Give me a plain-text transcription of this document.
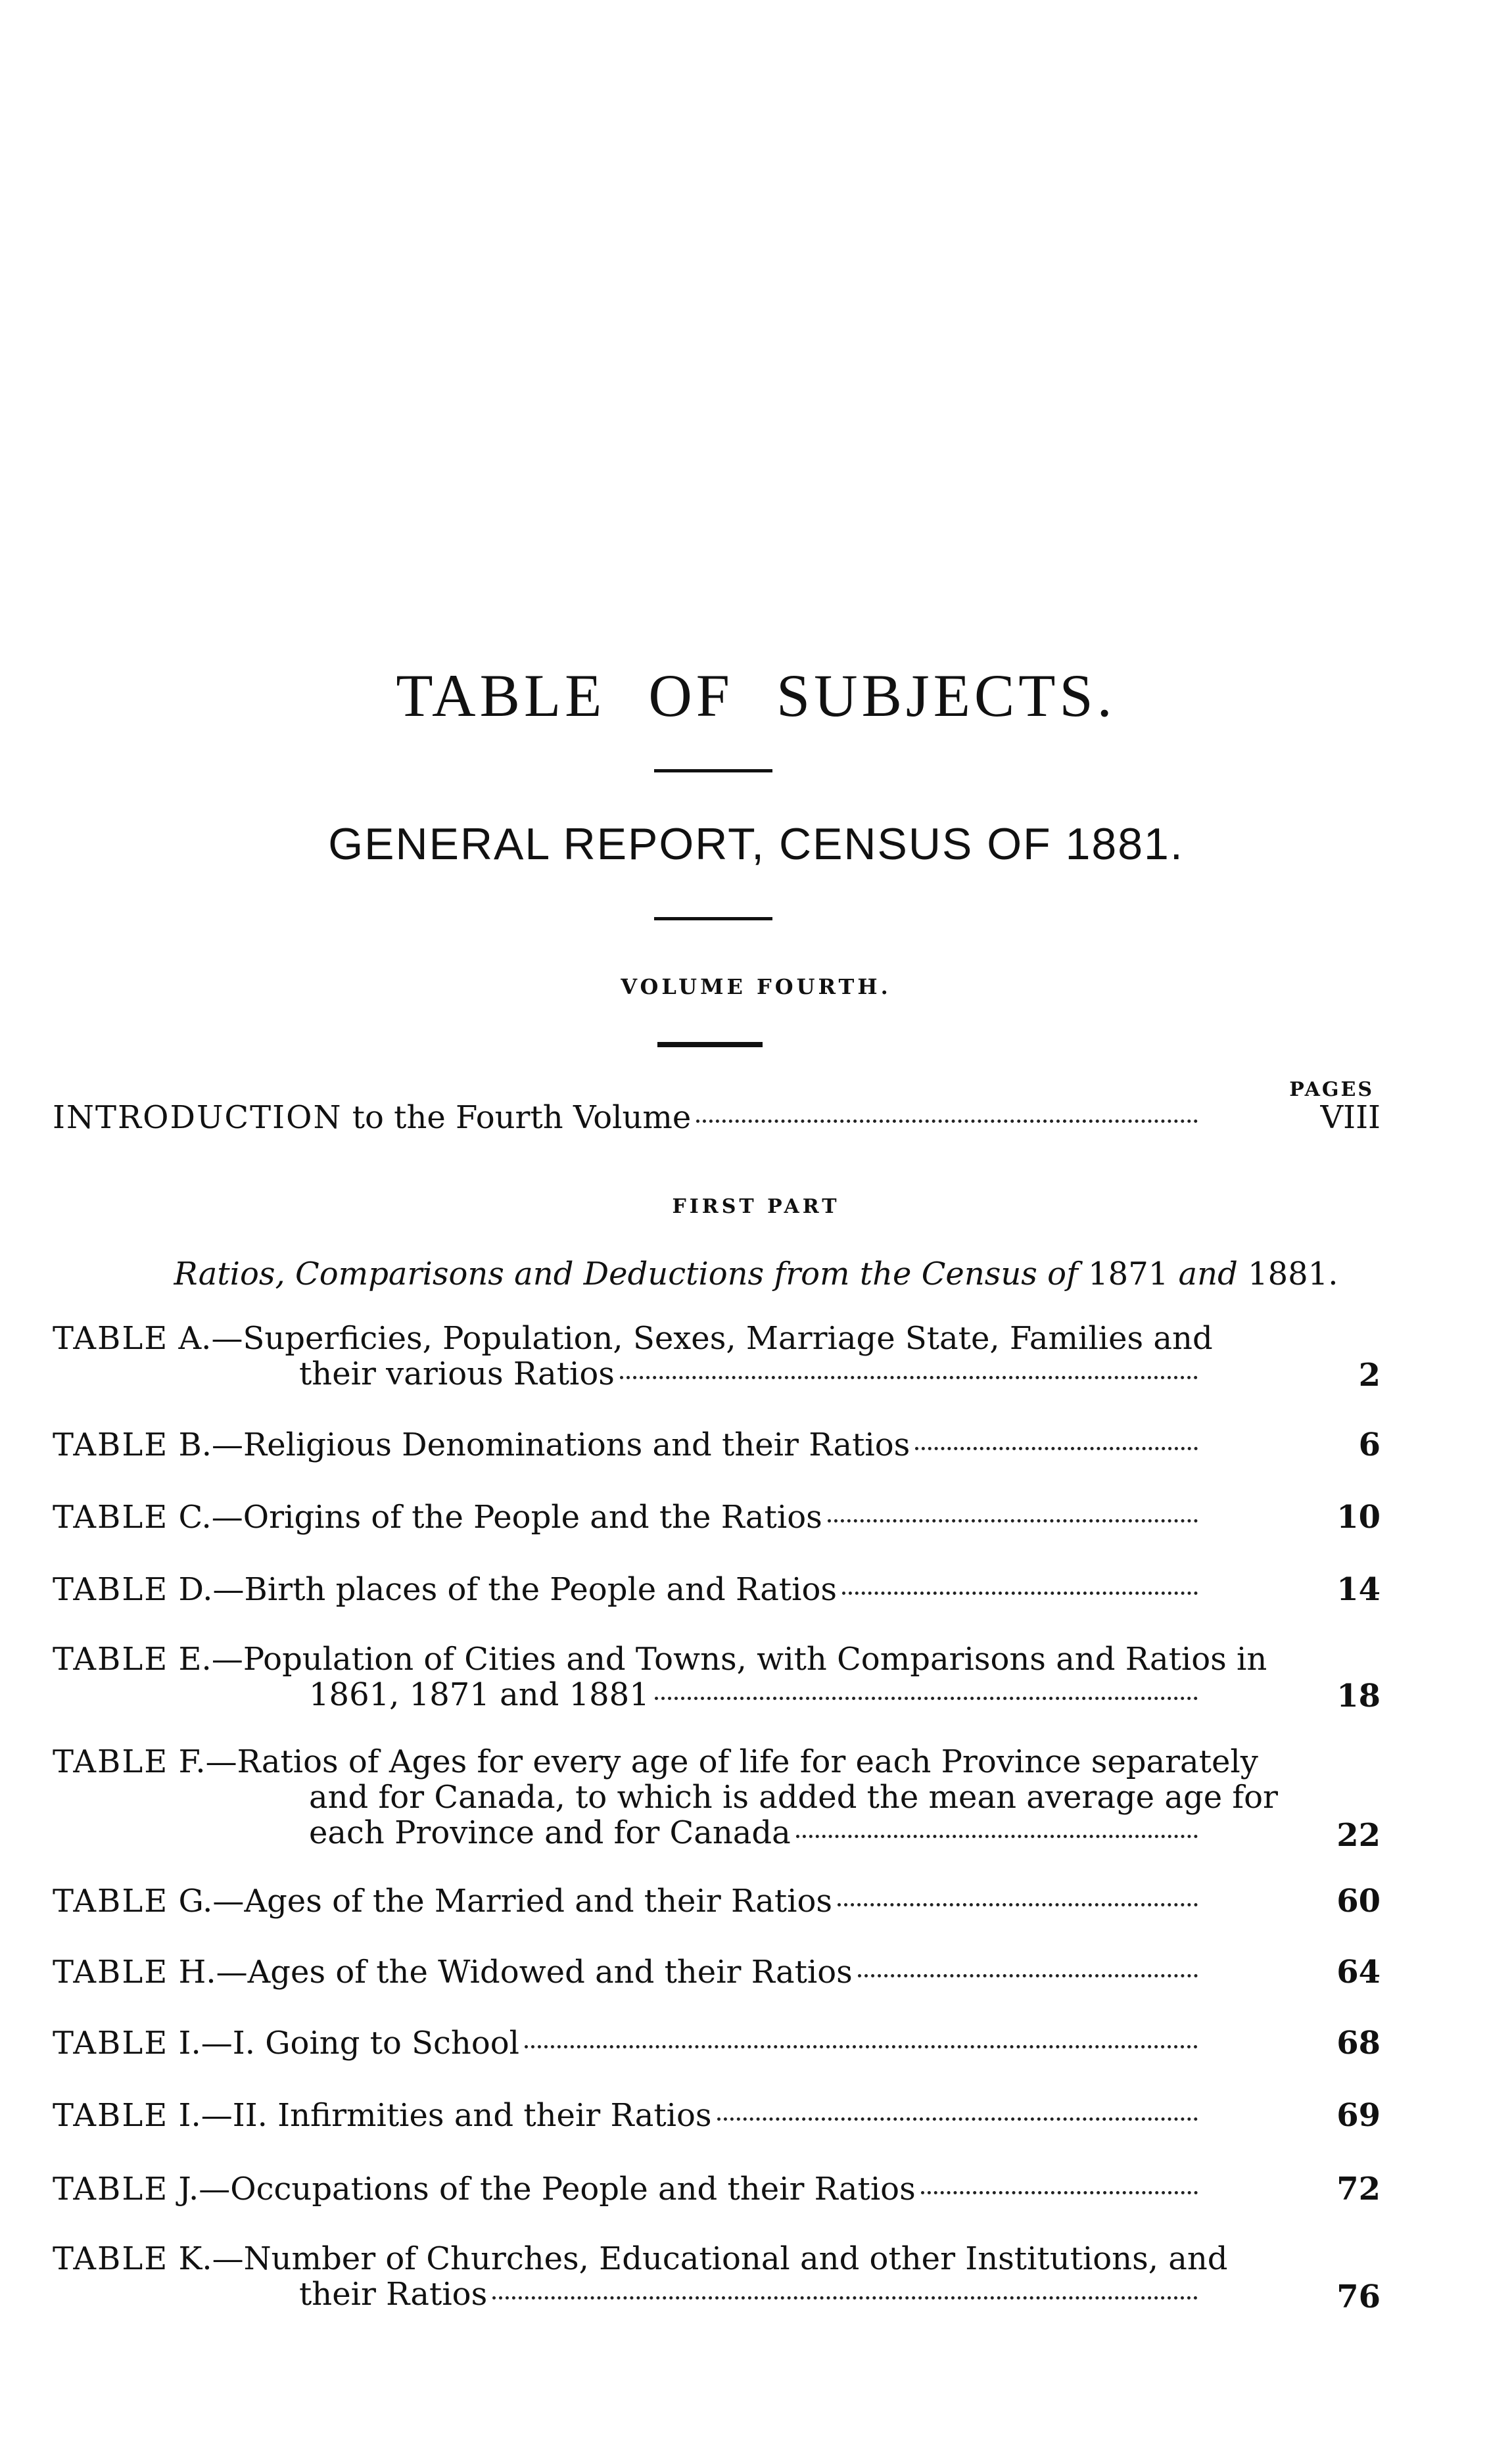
TABLE OF SUBJECTS.
GENERAL REPORT, CENSUS OF 1881.
VOLUME FOURTH.
PAGES
INTRODUCTION to the Fourth Volume	VIII
FIRST PART
Ratios, Comparisons and Deductions from the Census of 1871 and 1881.
TABLE A.—Superficies, Population, Sexes, Marriage State, Families and
their various Ratios	2
TABLE B.—Religious Denominations and their Ratios	6
TABLE C.—Origins of the People and the Ratios	10
TABLE D.—Birth places of the People and Ratios	14
TABLE E.—Population of Cities and Towns, with Comparisons and Ratios in
1861, 1871 and 1881	18
TABLE F.—Ratios of Ages for every age of life for each Province separately
and for Canada, to which is added the mean average age for
each Province and for Canada	22
TABLE G.—Ages of the Married and their Ratios	60
TABLE H.—Ages of the Widowed and their Ratios	64
TABLE I.—I. Going to School	68
TABLE I.—II. Infirmities and their Ratios	69
TABLE J.—Occupations of the People and their Ratios	72
TABLE K.—Number of Churches, Educational and other Institutions, and
their Ratios	76
